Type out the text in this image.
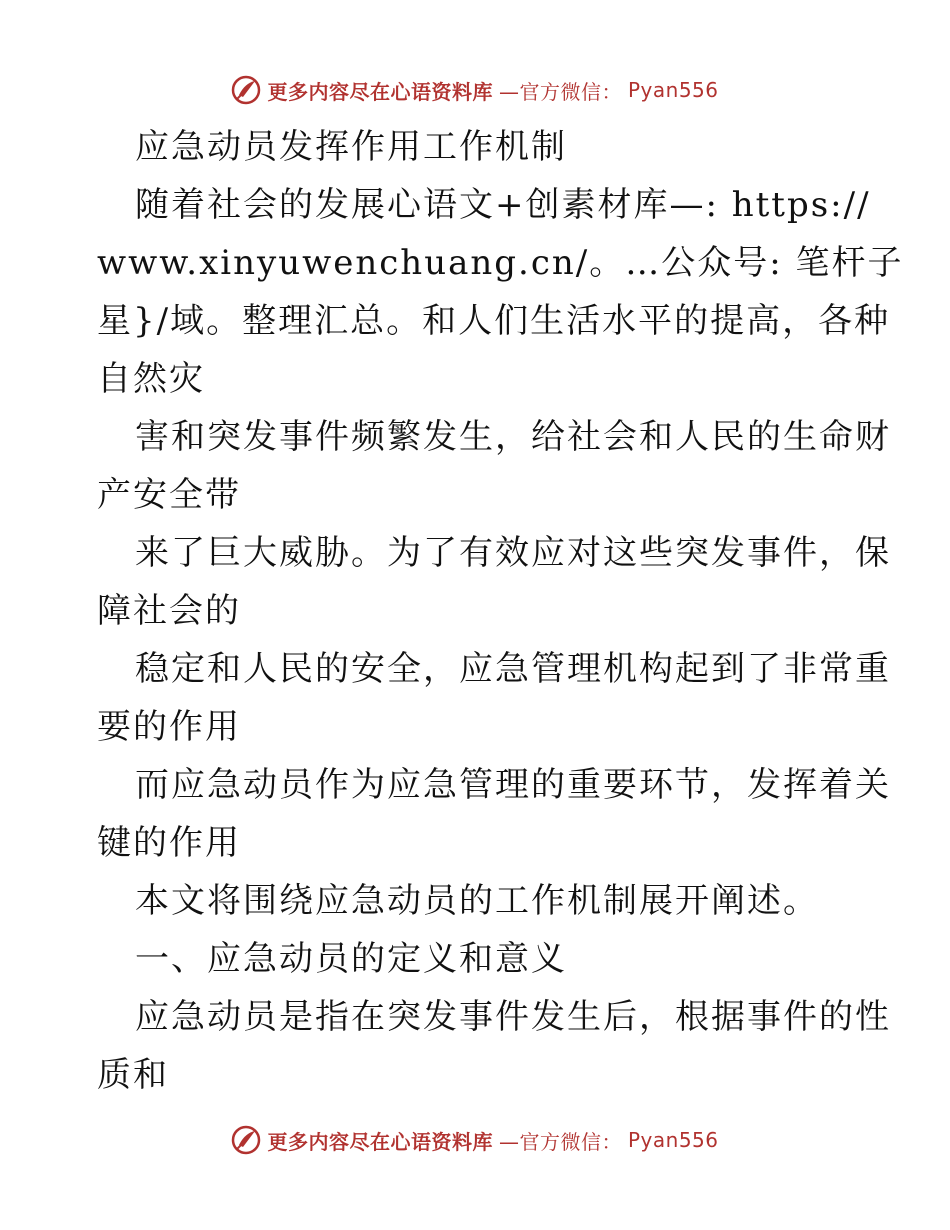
更多内容尽在心语资料库 —官方微信： Pyan556
应急动员发挥作用工作机制
随着社会的发展心语文+创素材库—: https://
www.xinyuwenchuang.cn/。…公众号: 笔杆子
星}/域。整理汇总。和人们生活水平的提高，各种
自然灾
害和突发事件频繁发生，给社会和人民的生命财
产安全带
来了巨大威胁。为了有效应对这些突发事件，保
障社会的
稳定和人民的安全，应急管理机构起到了非常重
要的作用
而应急动员作为应急管理的重要环节，发挥着关
键的作用
本文将围绕应急动员的工作机制展开阐述。
一、应急动员的定义和意义
应急动员是指在突发事件发生后，根据事件的性
质和
更多内容尽在心语资料库 —官方微信： Pyan556
